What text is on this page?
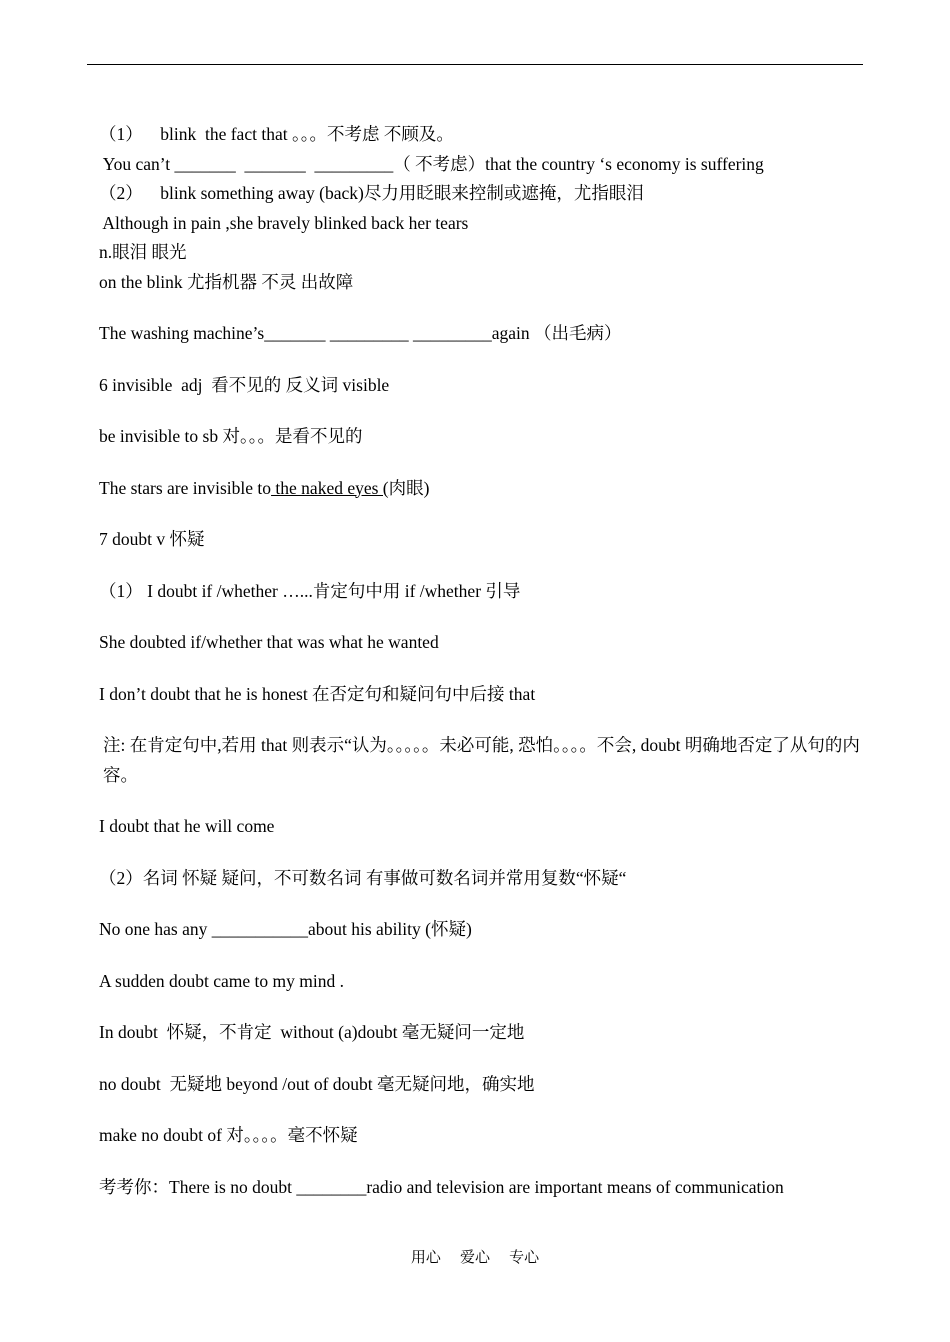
（1）    blink  the fact that 。。。不考虑 不顾及。

You can’t _______  _______  _________（ 不考虑）that the country ‘s economy is suffering

（2）    blink something away (back)尽力用眨眼来控制或遮掩，尤指眼泪

Although in pain ,she bravely blinked back her tears

n.眼泪 眼光

on the blink 尤指机器 不灵 出故障

The washing machine’s_______ _________ _________again （出毛病）

6 invisible  adj  看不见的 反义词 visible

be invisible to sb 对。。。是看不见的

The stars are invisible to the naked eyes (肉眼)

7 doubt v 怀疑

（1） I doubt if /whether …...肯定句中用 if /whether 引导

She doubted if/whether that was what he wanted

I don’t doubt that he is honest 在否定句和疑问句中后接 that

注: 在肯定句中,若用 that 则表示“认为。。。。。未必可能, 恐怕。。。。不会, doubt 明确地否定了从句的内容。

I doubt that he will come

（2）名词 怀疑 疑问，不可数名词 有事做可数名词并常用复数“怀疑“

No one has any ___________about his ability (怀疑)

A sudden doubt came to my mind .

In doubt  怀疑，不肯定  without (a)doubt 毫无疑问一定地

no doubt  无疑地 beyond /out of doubt 毫无疑问地，确实地

make no doubt of 对。。。。毫不怀疑

考考你：There is no doubt ________radio and television are important means of communication

用心    爱心    专心
